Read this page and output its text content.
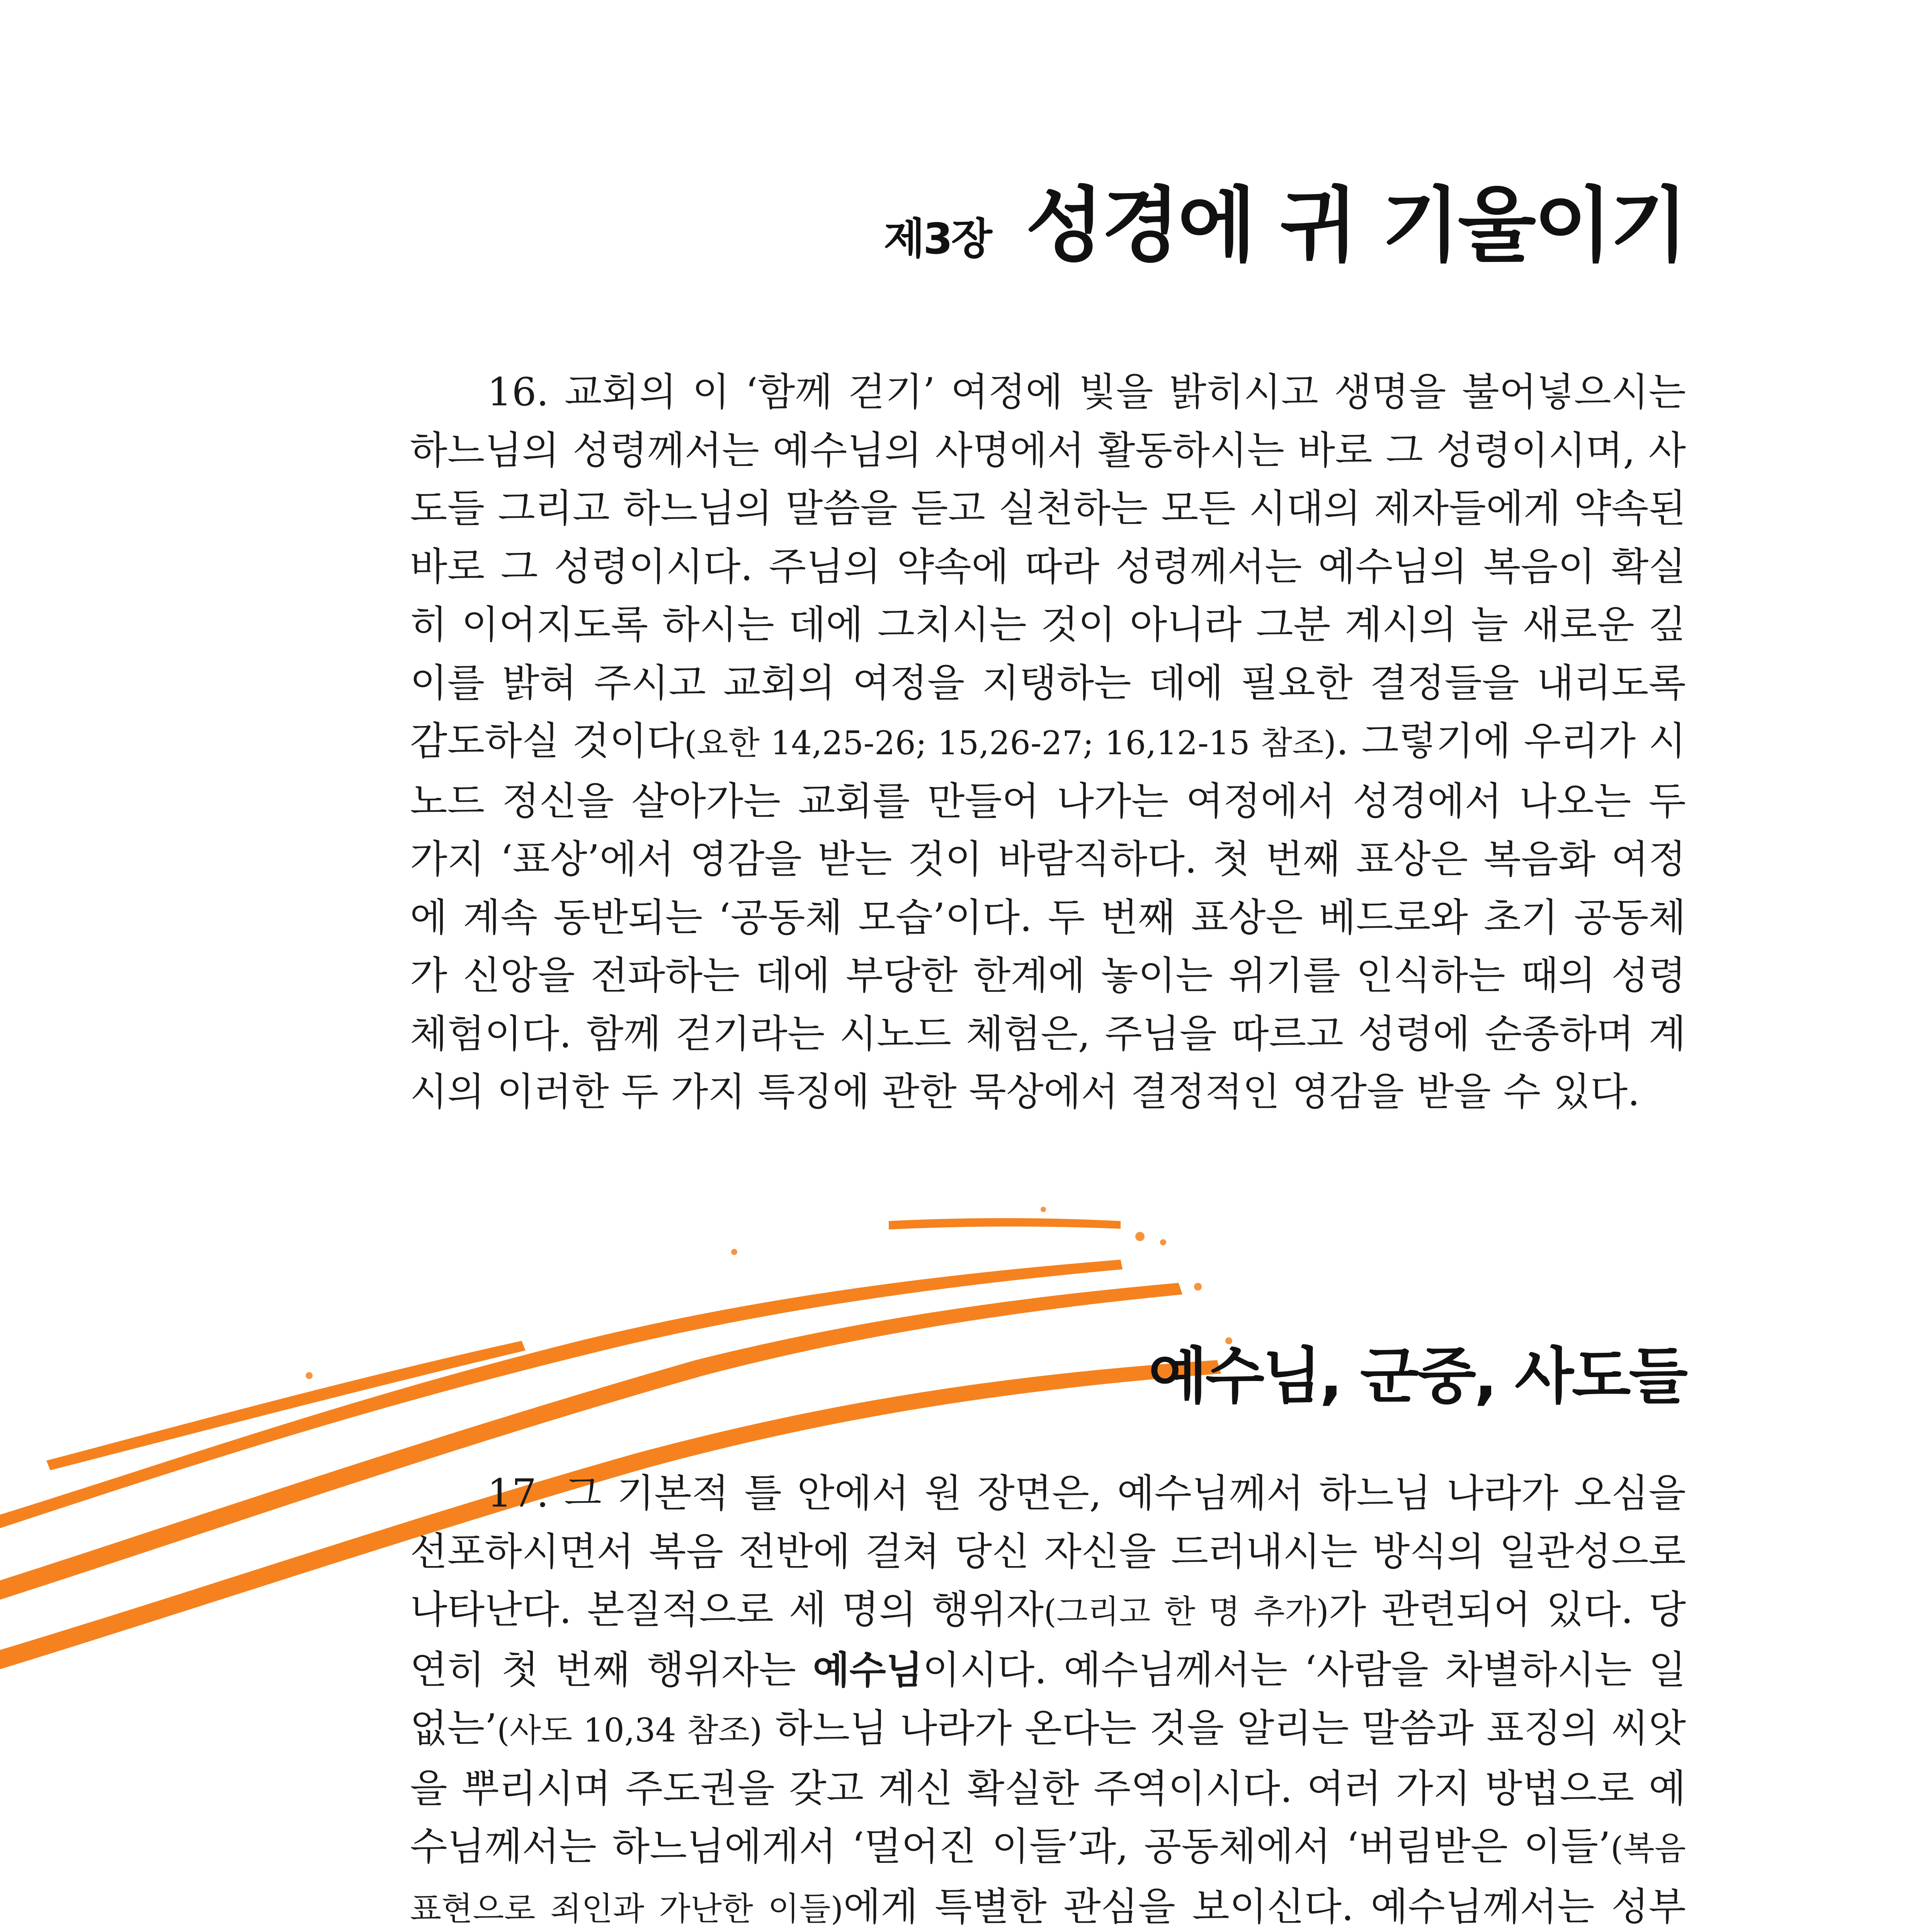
제3장 성경에 귀 기울이기

16. 교회의 이 ‘함께 걷기’ 여정에 빛을 밝히시고 생명을 불어넣으시는 하느님의 성령께서는 예수님의 사명에서 활동하시는 바로 그 성령이시며, 사도들 그리고 하느님의 말씀을 듣고 실천하는 모든 시대의 제자들에게 약속된 바로 그 성령이시다. 주님의 약속에 따라 성령께서는 예수님의 복음이 확실히 이어지도록 하시는 데에 그치시는 것이 아니라 그분 계시의 늘 새로운 깊이를 밝혀 주시고 교회의 여정을 지탱하는 데에 필요한 결정들을 내리도록 감도하실 것이다(요한 14,25-26; 15,26-27; 16,12-15 참조). 그렇기에 우리가 시노드 정신을 살아가는 교회를 만들어 나가는 여정에서 성경에서 나오는 두 가지 ‘표상’에서 영감을 받는 것이 바람직하다. 첫 번째 표상은 복음화 여정에 계속 동반되는 ‘공동체 모습’이다. 두 번째 표상은 베드로와 초기 공동체가 신앙을 전파하는 데에 부당한 한계에 놓이는 위기를 인식하는 때의 성령 체험이다. 함께 걷기라는 시노드 체험은, 주님을 따르고 성령에 순종하며 계시의 이러한 두 가지 특징에 관한 묵상에서 결정적인 영감을 받을 수 있다.

예수님, 군중, 사도들

17. 그 기본적 틀 안에서 원 장면은, 예수님께서 하느님 나라가 오심을 선포하시면서 복음 전반에 걸쳐 당신 자신을 드러내시는 방식의 일관성으로 나타난다. 본질적으로 세 명의 행위자(그리고 한 명 추가)가 관련되어 있다. 당연히 첫 번째 행위자는 예수님이시다. 예수님께서는 ‘사람을 차별하시는 일 없는’(사도 10,34 참조) 하느님 나라가 온다는 것을 알리는 말씀과 표징의 씨앗을 뿌리시며 주도권을 갖고 계신 확실한 주역이시다. 여러 가지 방법으로 예수님께서는 하느님에게서 ‘멀어진 이들’과, 공동체에서 ‘버림받은 이들’(복음 표현으로 죄인과 가난한 이들)에게 특별한 관심을 보이신다. 예수님께서는 성부
